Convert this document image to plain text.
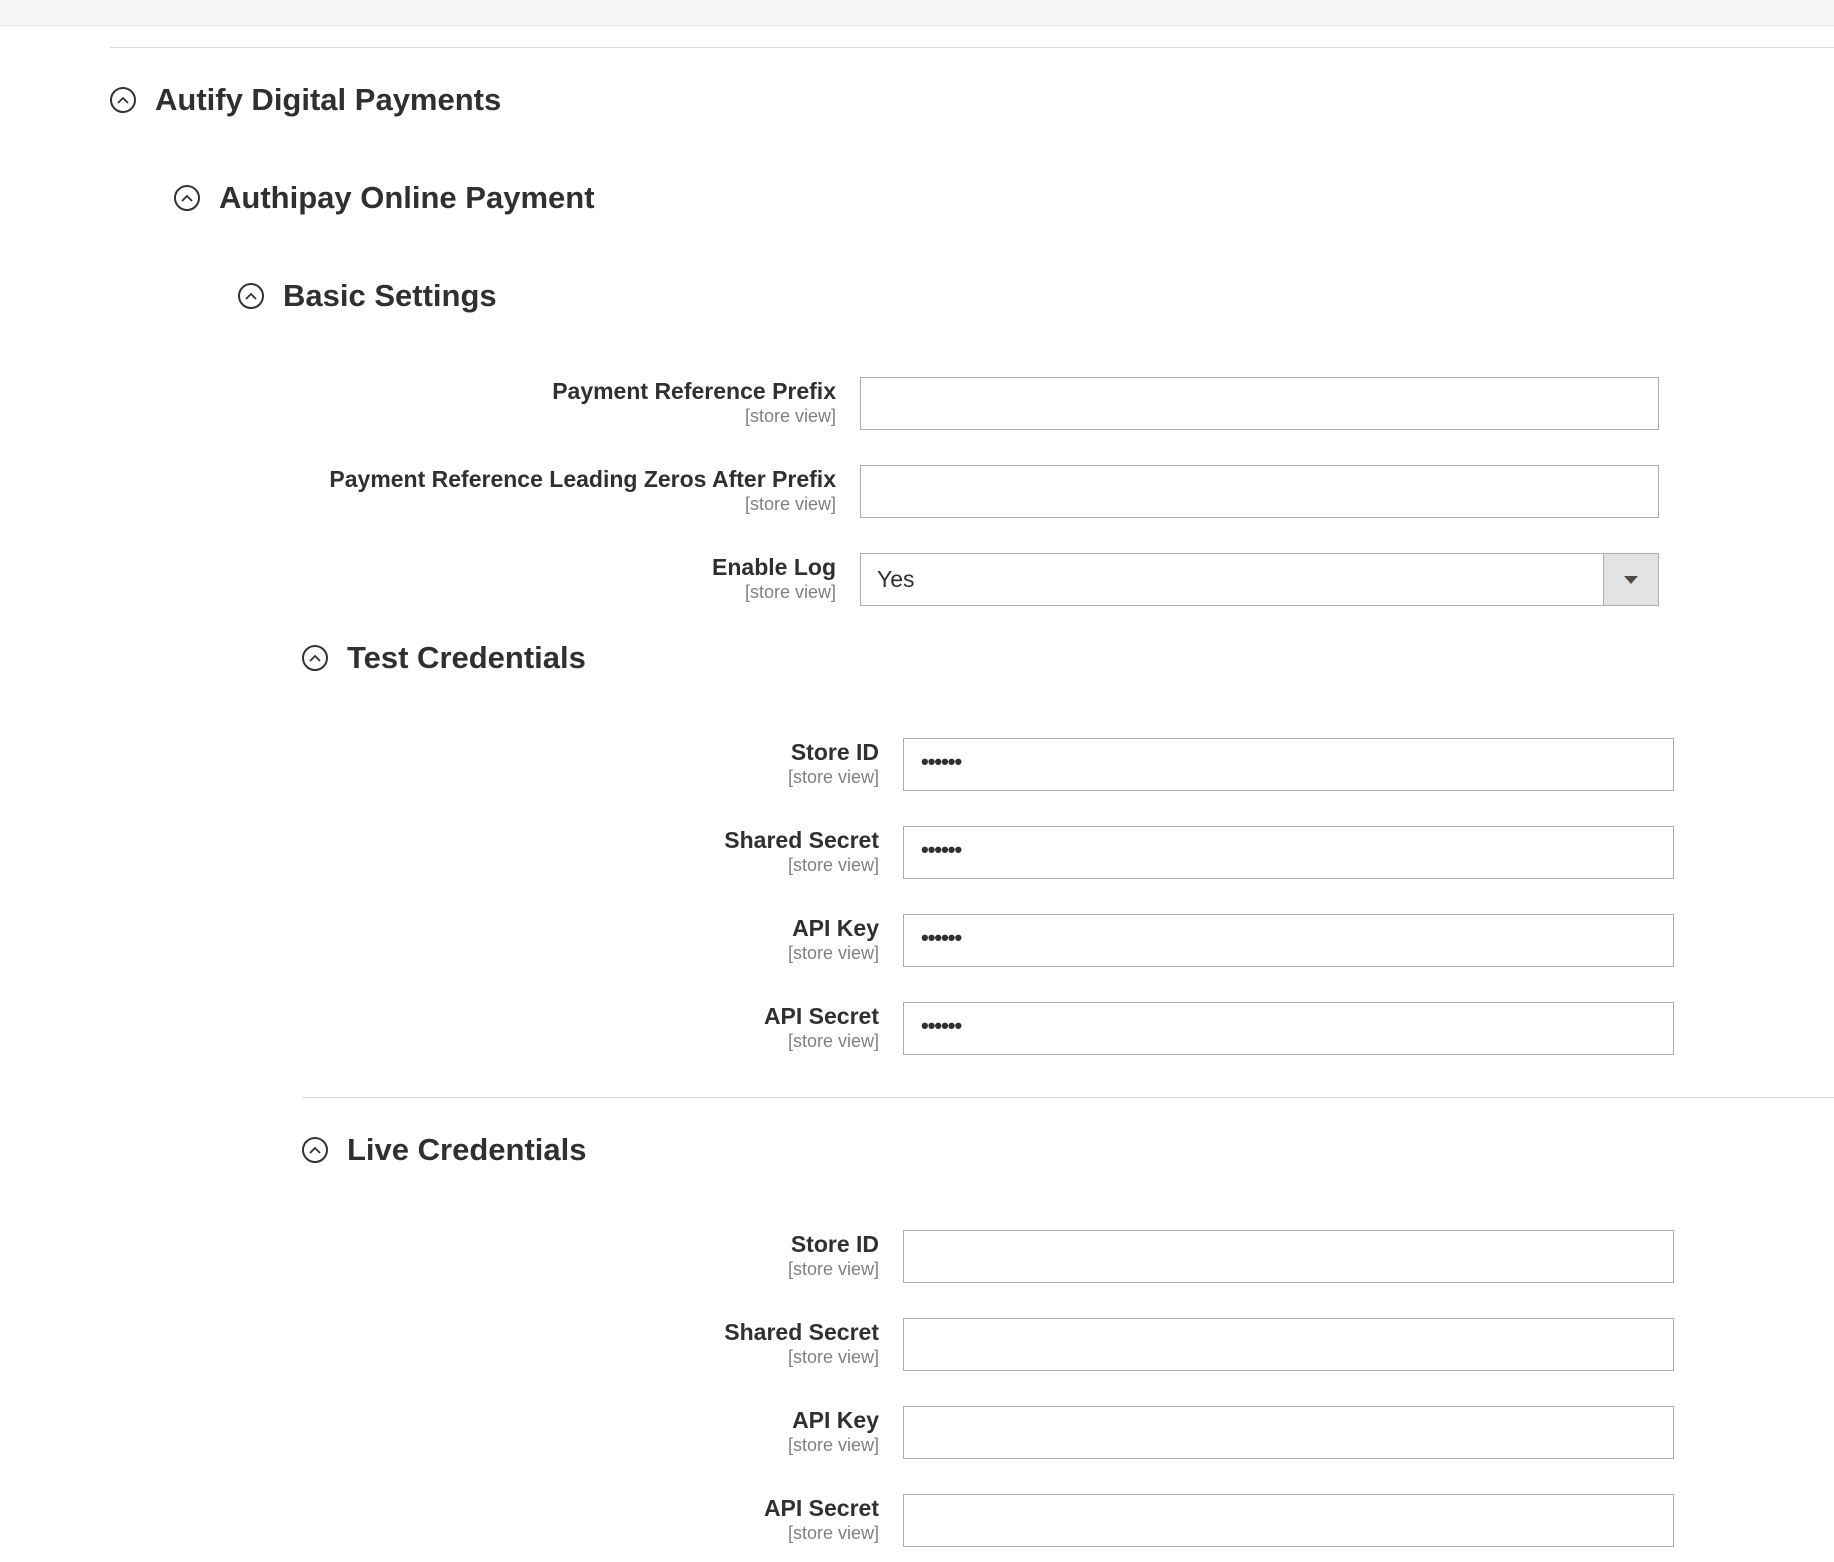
Autify Digital Payments
Authipay Online Payment
Basic Settings
Payment Reference Prefix
[store view]
Payment Reference Leading Zeros After Prefix
[store view]
Enable Log
[store view] Yes
Test Credentials
Store ID
[store view]
••••••
Shared Secret
[store view]
••••••
API Key
[store view]
••••••
API Secret
[store view]
••••••
Live Credentials
Store ID
[store view]
Shared Secret
[store view]
API Key
[store view]
API Secret
[store view]
